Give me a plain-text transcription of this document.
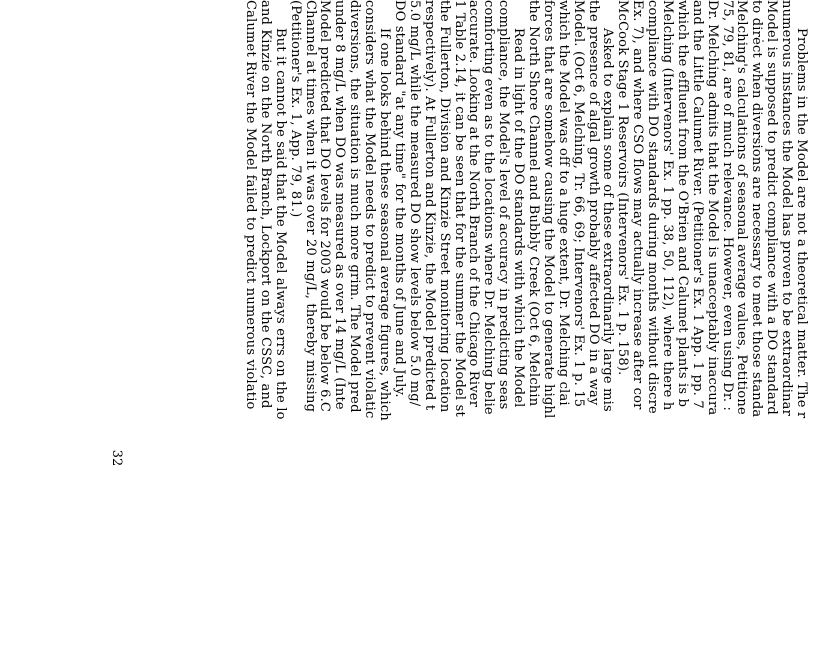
Problems in the Model are not a theoretical matter. The r
numerous instances the Model has proven to be extraordinar
Model is supposed to predict compliance with a DO standard
to direct when diversions are necessary to meet those standa
Melching's calculations of seasonal average values, Petitione
75, 79, 81, are of much relevance. However, even using Dr. :
Dr. Melching admits that the Model is unacceptably inaccura
and the Little Calumet River. (Petitioner's Ex. 1 App. 1 pp. 7
which the effluent from the O'Brien and Calumet plants is b
Melching (Intervenors' Ex. 1 pp. 38, 50, 112), where there h
compliance with DO standards during months without discre
Ex. 7), and where CSO flows may actually increase after cor
McCook Stage 1 Reservoirs (Intervenors' Ex. 1 p. 158).
Asked to explain some of these extraordinarily large mis
the presence of algal growth probably affected DO in a way
Model. (Oct 6, Melching, Tr. 66, 69; Intervenors' Ex. 1 p. 15
which the Model was off to a huge extent, Dr. Melching clai
forces that are somehow causing the Model to generate highl
the North Shore Channel and Bubbly Creek (Oct 6, Melchin
Read in light of the DO standards with which the Model
compliance, the Model's level of accuracy in predicting seas
comforting even as to the locations where Dr. Melching belie
accurate. Looking at the North Branch of the Chicago River
1 Table 2.14, it can be seen that for the summer the Model st
the Fullerton, Division and Kinzie Street monitoring location
respectively). At Fullerton and Kinzie, the Model predicted t
5.0 mg/L while the measured DO show levels below 5.0 mg/
DO standard "at any time" for the months of June and July.
If one looks behind these seasonal average figures, which
considers what the Model needs to predict to prevent violatic
diversions, the situation is much more grim. The Model pred
under 8 mg/L when DO was measured as over 14 mg/L (Inte
Model predicted that DO levels for 2003 would be below 6.C
Channel at times when it was over 20 mg/L, thereby missing
(Petitioner's Ex. 1, App. 79, 81.)
But it cannot be said that the Model always errs on the lo
and Kinzie on the North Branch, Lockport on the CSSC, and
Calumet River the Model failed to predict numerous violatio
32
